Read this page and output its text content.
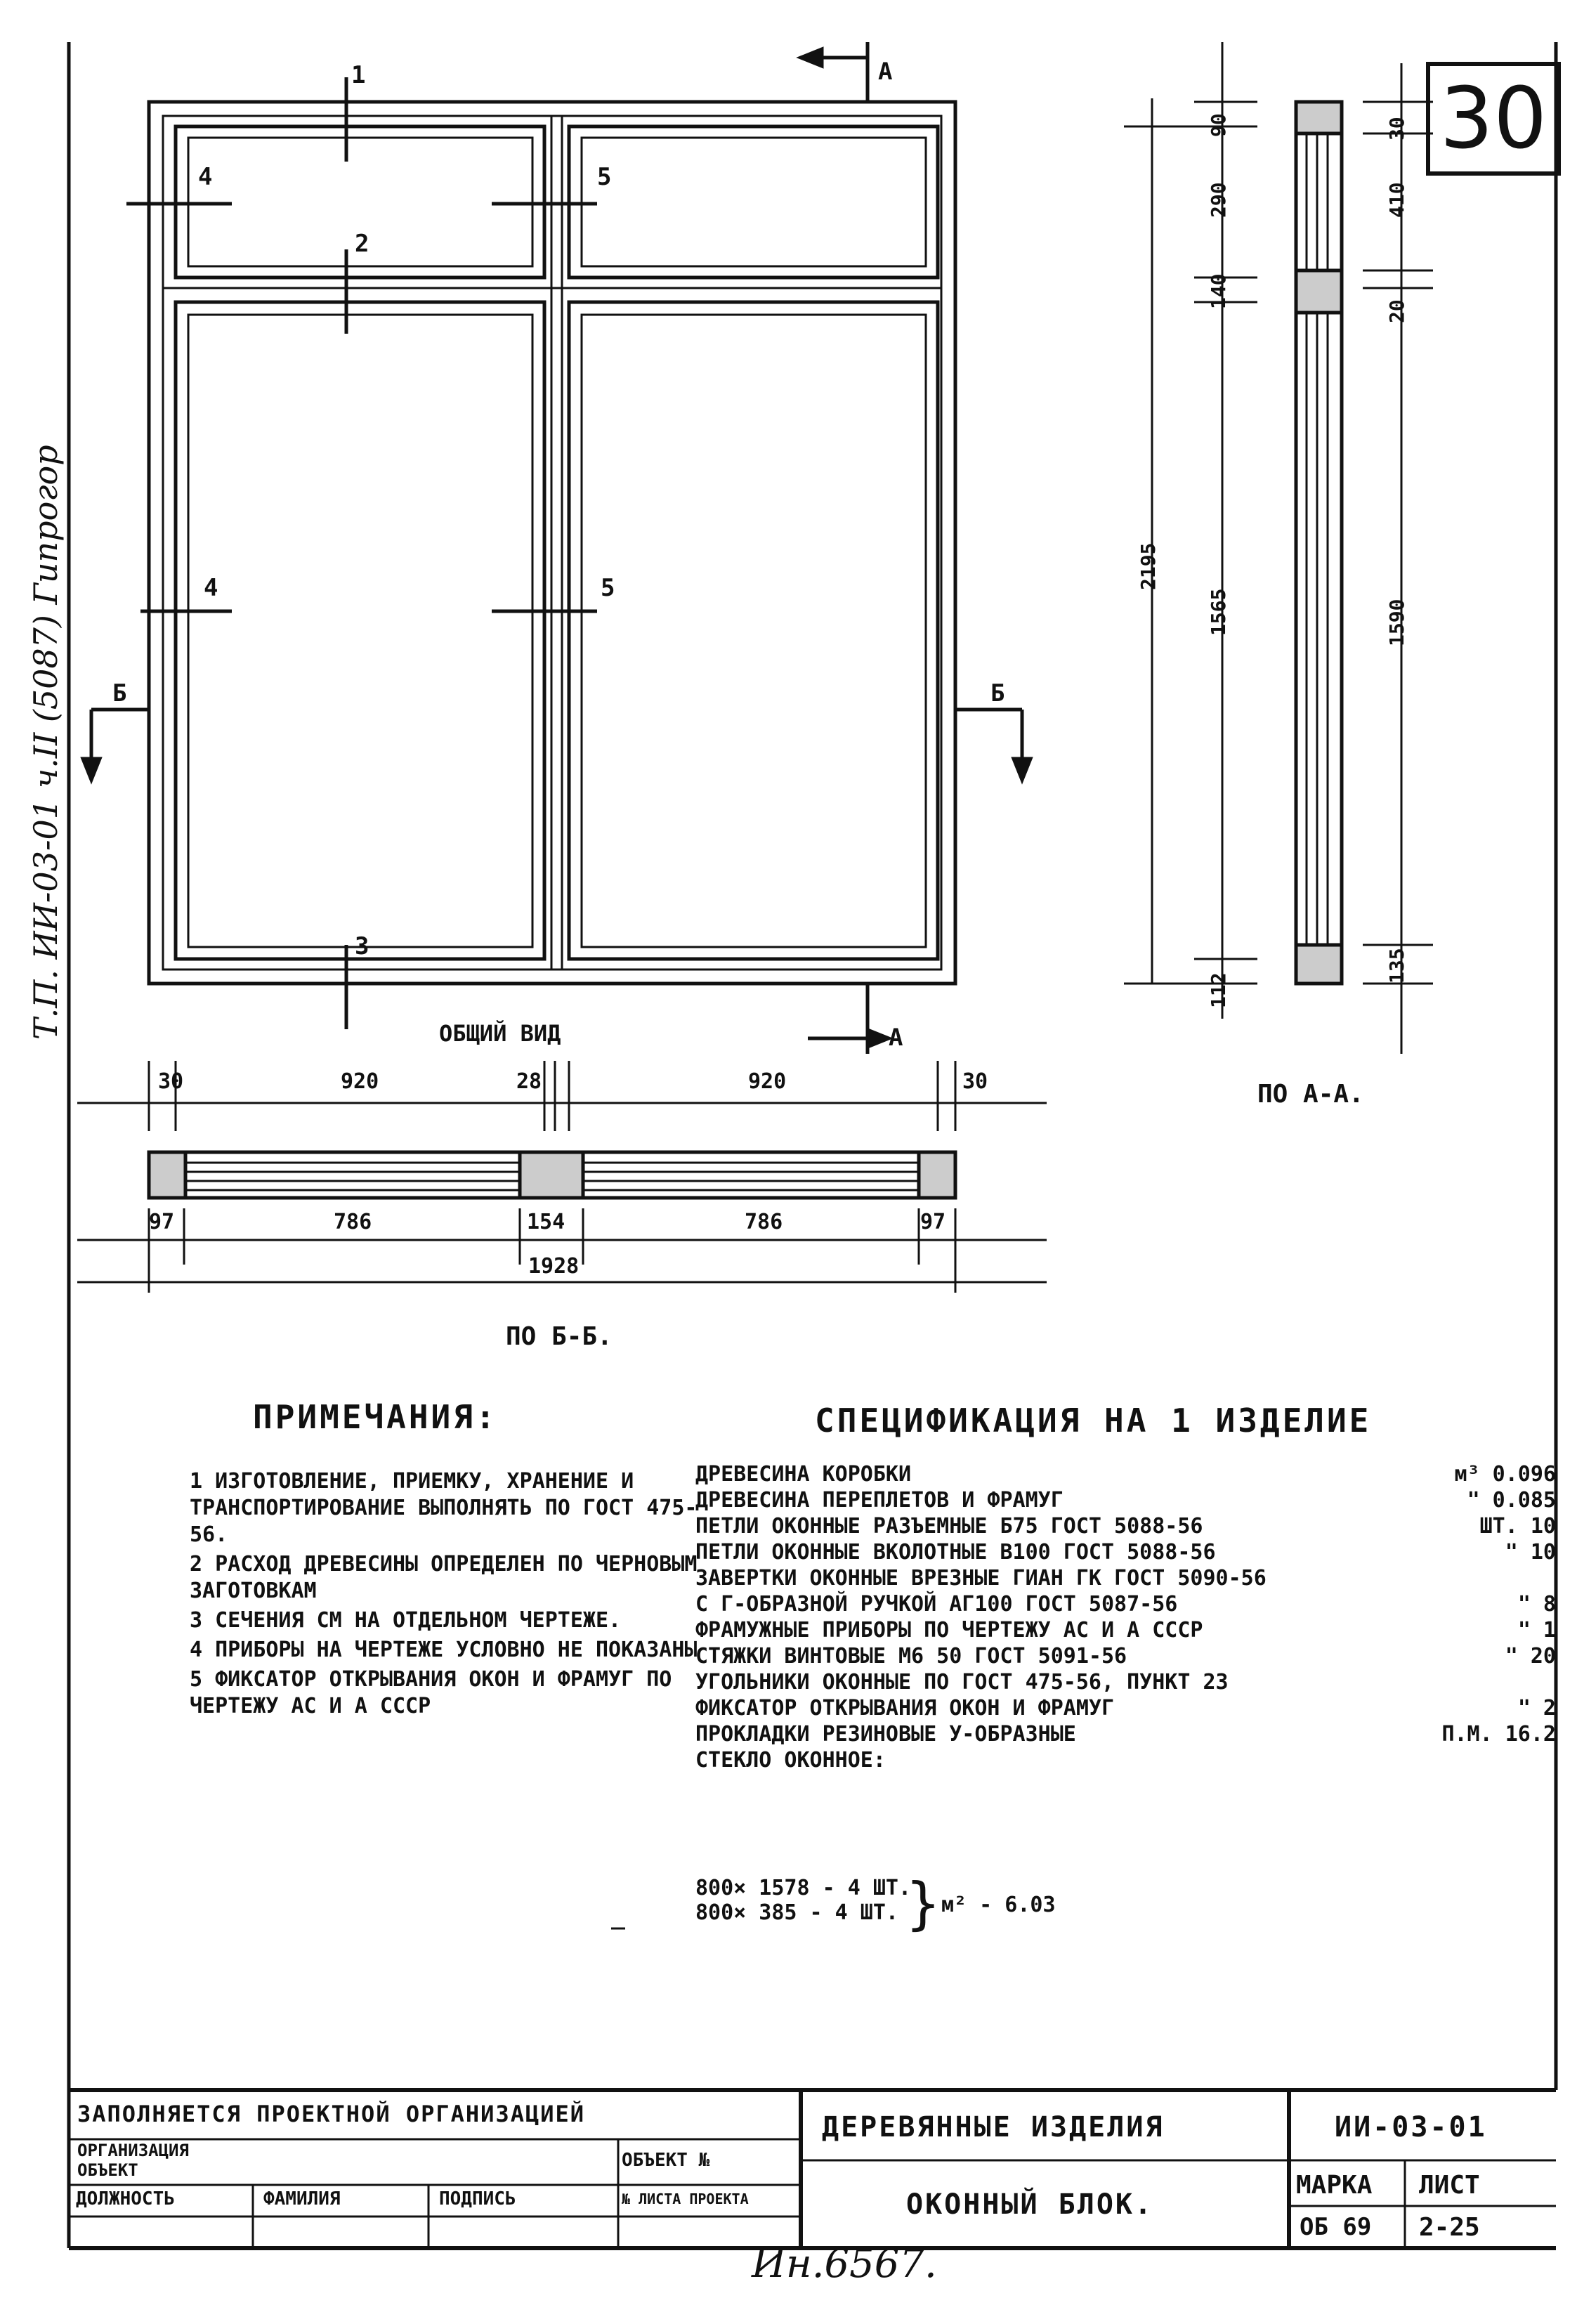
30
Т.П. ИИ-03-01 ч.II (5087) Гипрогор
1
2
3
4
4
5
5
А
А
Б	Б
ОБЩИЙ ВИД
ПО А-А.
ПО Б-Б.
30	920	28	920	30
97	786	154	786	97
1928
90
290
140
1565
112
2195
30
410
20
1590
135
ПРИМЕЧАНИЯ:
1 ИЗГОТОВЛЕНИЕ, ПРИЕМКУ, ХРАНЕНИЕ И ТРАНСПОРТИРОВАНИЕ ВЫПОЛНЯТЬ ПО ГОСТ 475-56.
2 РАСХОД ДРЕВЕСИНЫ ОПРЕДЕЛЕН ПО ЧЕРНОВЫМ ЗАГОТОВКАМ
3 СЕЧЕНИЯ СМ НА ОТДЕЛЬНОМ ЧЕРТЕЖЕ.
4 ПРИБОРЫ НА ЧЕРТЕЖЕ УСЛОВНО НЕ ПОКАЗАНЫ
5 ФИКСАТОР ОТКРЫВАНИЯ ОКОН И ФРАМУГ ПО ЧЕРТЕЖУ АС И А СССР
СПЕЦИФИКАЦИЯ НА 1 ИЗДЕЛИЕ
ДРЕВЕСИНА КОРОБКИ	м³ 0.096
ДРЕВЕСИНА ПЕРЕПЛЕТОВ И ФРАМУГ	" 0.085
ПЕТЛИ ОКОННЫЕ РАЗЪЕМНЫЕ Б75 ГОСТ 5088-56	ШТ. 10
ПЕТЛИ ОКОННЫЕ ВКОЛОТНЫЕ В100 ГОСТ 5088-56	" 10
ЗАВЕРТКИ ОКОННЫЕ ВРЕЗНЫЕ ГИАН ГК ГОСТ 5090-56
С Г-ОБРАЗНОЙ РУЧКОЙ АГ100 ГОСТ 5087-56	" 8
ФРАМУЖНЫЕ ПРИБОРЫ ПО ЧЕРТЕЖУ АС И А СССР	" 1
СТЯЖКИ ВИНТОВЫЕ М6 50 ГОСТ 5091-56	" 20
УГОЛЬНИКИ ОКОННЫЕ ПО ГОСТ 475-56, ПУНКТ 23
ФИКСАТОР ОТКРЫВАНИЯ ОКОН И ФРАМУГ	" 2
ПРОКЛАДКИ РЕЗИНОВЫЕ У-ОБРАЗНЫЕ	П.М. 16.2
СТЕКЛО ОКОННОЕ:
800× 1578 - 4 ШТ.
800× 385 - 4 ШТ. } м² - 6.03
ЗАПОЛНЯЕТСЯ ПРОЕКТНОЙ ОРГАНИЗАЦИЕЙ
ОРГАНИЗАЦИЯ
ОБЪЕКТ	ОБЪЕКТ №
ДОЛЖНОСТЬ	ФАМИЛИЯ	ПОДПИСЬ	№ ЛИСТА ПРОЕКТА
ДЕРЕВЯННЫЕ ИЗДЕЛИЯ	ИИ-03-01
ОКОННЫЙ БЛОК.
МАРКА
ОБ 69
ЛИСТ
2-25
Ин.6567.
